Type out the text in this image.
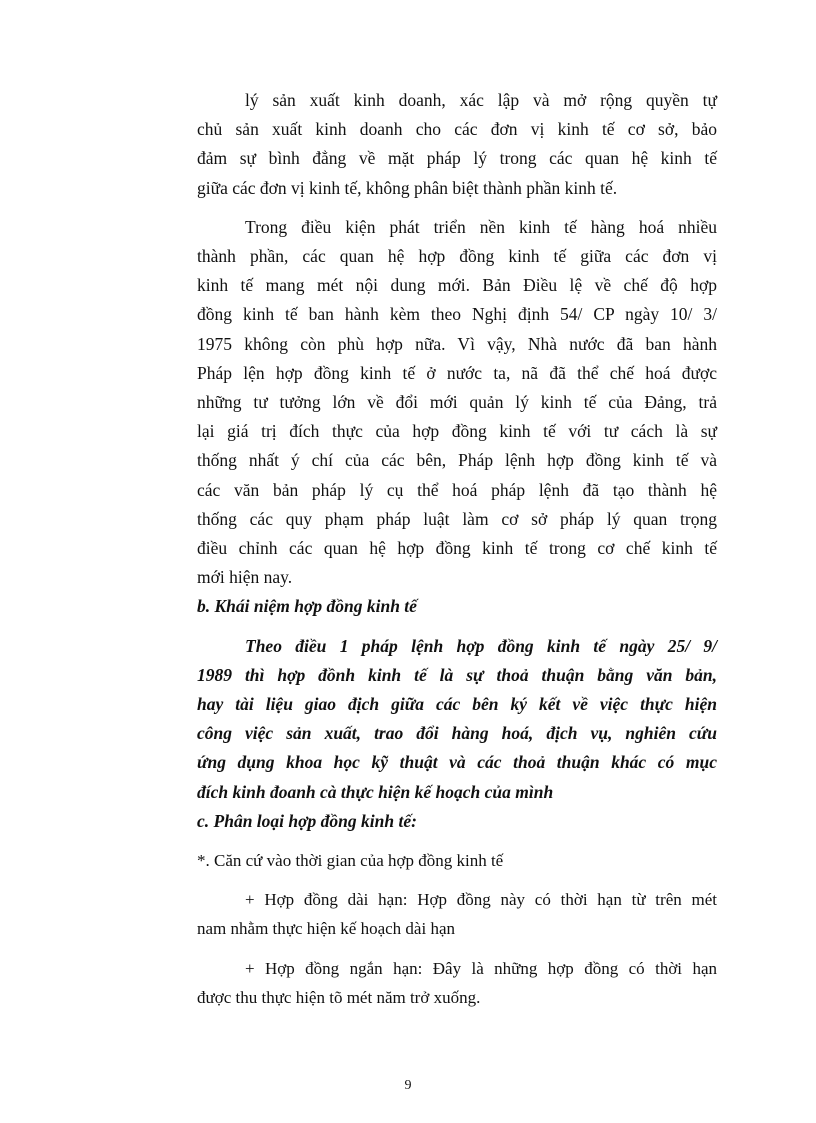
lý sản xuất kinh doanh, xác lập và mở rộng quyền tự
chủ sản xuất kinh doanh cho các đơn vị kinh tế cơ sở, bảo
đảm sự bình đẳng về mặt pháp lý trong các quan hệ kinh tế
giữa các đơn vị kinh tế, không phân biệt thành phần kinh tế.
Trong điều kiện phát triển nền kinh tế hàng hoá nhiều
thành phần, các quan hệ hợp đồng kinh tế giữa các đơn vị
kinh tế mang mét nội dung mới. Bản Điều lệ về chế độ hợp
đồng kinh tế ban hành kèm theo Nghị định 54/ CP ngày 10/ 3/
1975 không còn phù hợp nữa. Vì vậy, Nhà nước đã ban hành
Pháp lện hợp đồng kinh tế ở nước ta, nã đã thể chế hoá được
những tư tưởng lớn về đổi mới quản lý kinh tế của Đảng, trả
lại giá trị đích thực của hợp đồng kinh tế với tư cách là sự
thống nhất ý chí của các bên, Pháp lệnh hợp đồng kinh tế và
các văn bản pháp lý cụ thể hoá pháp lệnh đã tạo thành hệ
thống các quy phạm pháp luật làm cơ sở pháp lý quan trọng
điều chỉnh các quan hệ hợp đồng kinh tế trong cơ chế kinh tế
mới hiện nay.

b. Khái niệm hợp đồng kinh tế

Theo điều 1 pháp lệnh hợp đồng kinh tế ngày 25/ 9/
1989 thì hợp đồnh kinh tế là sự thoả thuận bằng văn bản,
hay tài liệu giao địch giữa các bên ký kết về việc thực hiện
công việc sản xuất, trao đổi hàng hoá, địch vụ, nghiên cứu
ứng dụng khoa học kỹ thuật và các thoả thuận khác có mục
đích kinh đoanh cà thực hiện kế hoạch của mình

c. Phân loại hợp đồng kinh tế:

*. Căn cứ vào thời gian của hợp đồng kinh tế

+ Hợp đồng dài hạn: Hợp đồng này có thời hạn từ trên mét
nam nhằm thực hiện kế hoạch dài hạn
+ Hợp đồng ngắn hạn: Đây là những hợp đồng có thời hạn
được thu thực hiện tõ mét năm trở xuống.
9
